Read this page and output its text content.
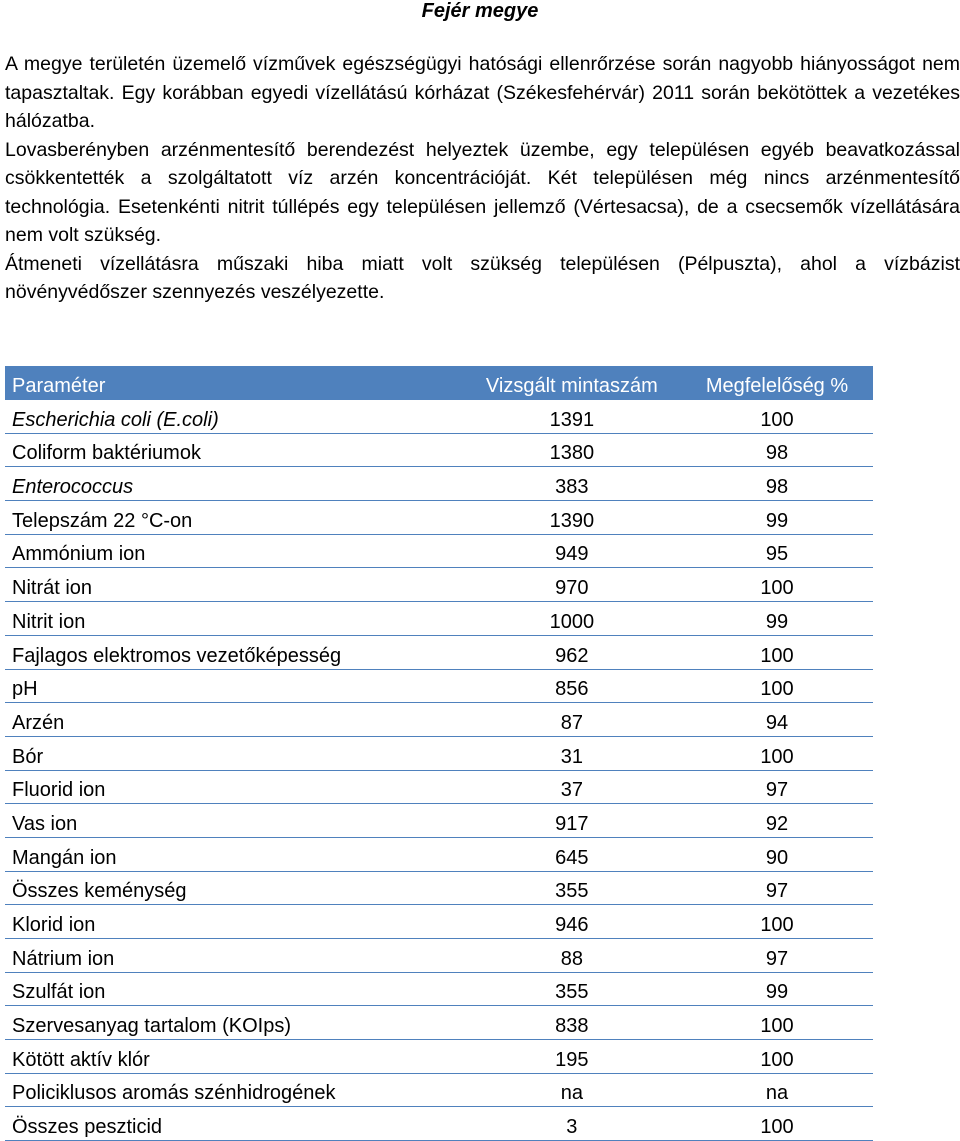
Fejér megye

A megye területén üzemelő vízművek egészségügyi hatósági ellenrőrzése során nagyobb hiányosságot nem tapasztaltak. Egy korábban egyedi vízellátású kórházat (Székesfehérvár) 2011 során bekötöttek a vezetékes hálózatba.

Lovasberényben arzénmentesítő berendezést helyeztek üzembe, egy településen egyéb beavatkozással csökkentették a szolgáltatott víz arzén koncentrációját. Két településen még nincs arzénmentesítő technológia. Esetenkénti nitrit túllépés egy településen jellemző (Vértesacsa), de a csecsemők vízellátására nem volt szükség.

Átmeneti vízellátásra műszaki hiba miatt volt szükség településen (Pélpuszta), ahol a vízbázist növényvédőszer szennyezés veszélyezette.

Paraméter	Vizsgált mintaszám	Megfelelőség %
Escherichia coli (E.coli)	1391	100
Coliform baktériumok	1380	98
Enterococcus	383	98
Telepszám 22 °C-on	1390	99
Ammónium ion	949	95
Nitrát ion	970	100
Nitrit ion	1000	99
Fajlagos elektromos vezetőképesség	962	100
pH	856	100
Arzén	87	94
Bór	31	100
Fluorid ion	37	97
Vas ion	917	92
Mangán ion	645	90
Összes keménység	355	97
Klorid ion	946	100
Nátrium ion	88	97
Szulfát ion	355	99
Szervesanyag tartalom (KOIps)	838	100
Kötött aktív klór	195	100
Policiklusos aromás szénhidrogének	na	na
Összes peszticid	3	100
